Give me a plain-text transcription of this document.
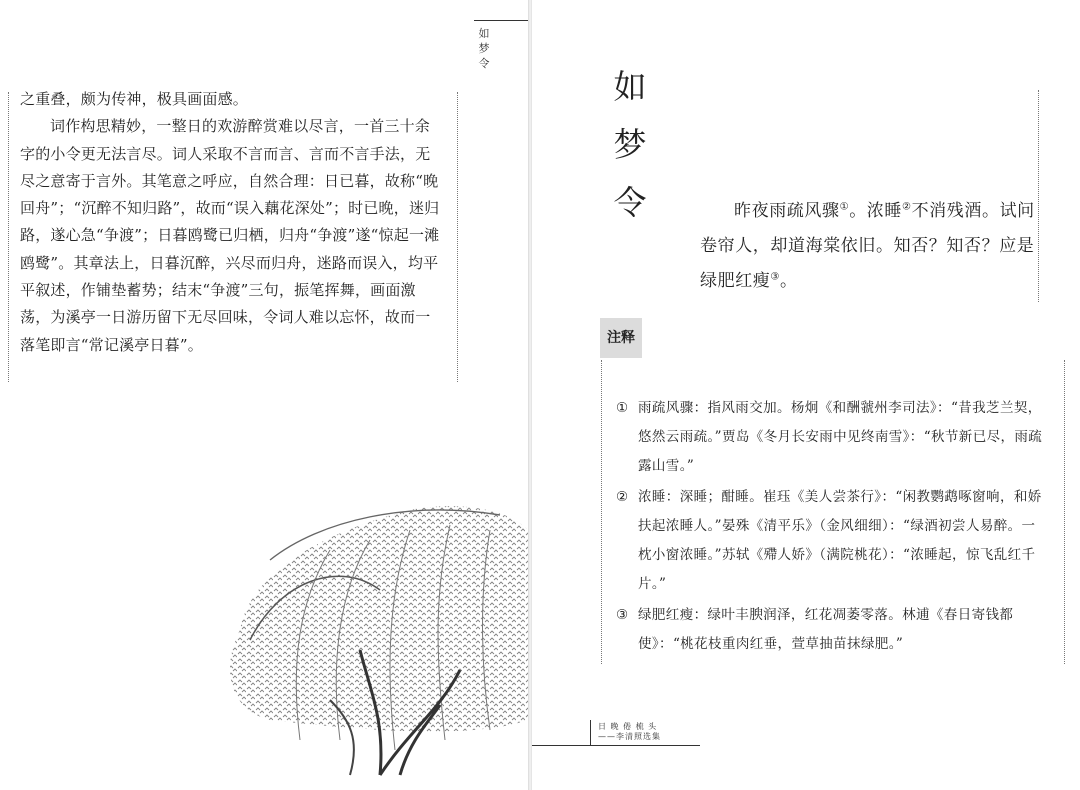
如梦令

之重叠，颇为传神，极具画面感。

词作构思精妙，一整日的欢游醉赏难以尽言，一首三十余字的小令更无法言尽。词人采取不言而言、言而不言手法，无尽之意寄于言外。其笔意之呼应，自然合理：日已暮，故称“晚回舟”；“沉醉不知归路”，故而“误入藕花深处”；时已晚，迷归路，遂心急“争渡”；日暮鸥鹭已归栖，归舟“争渡”遂“惊起一滩鸥鹭”。其章法上，日暮沉醉，兴尽而归舟，迷路而误入，均平平叙述，作铺垫蓄势；结末“争渡”三句，振笔挥舞，画面激荡，为溪亭一日游历留下无尽回味，令词人难以忘怀，故而一落笔即言“常记溪亭日暮”。

如梦令	昨夜雨疏风骤①。浓睡②不消残酒。试问卷帘人，却道海棠依旧。知否？知否？应是绿肥红瘦③。

注释
① 雨疏风骤：指风雨交加。杨炯《和酬虢州李司法》：“昔我芝兰契，悠然云雨疏。”贾岛《冬月长安雨中见终南雪》：“秋节新已尽，雨疏露山雪。”
② 浓睡：深睡；酣睡。崔珏《美人尝茶行》：“闲教鹦鹉啄窗响，和娇扶起浓睡人。”晏殊《清平乐》（金风细细）：“绿酒初尝人易醉。一枕小窗浓睡。”苏轼《殢人娇》（满院桃花）：“浓睡起，惊飞乱红千片。”
③ 绿肥红瘦：绿叶丰腴润泽，红花凋萎零落。林逋《春日寄钱都使》：“桃花枝重肉红垂，萱草抽苗抹绿肥。”
日 晚 倦 梳 头
——李清照选集
